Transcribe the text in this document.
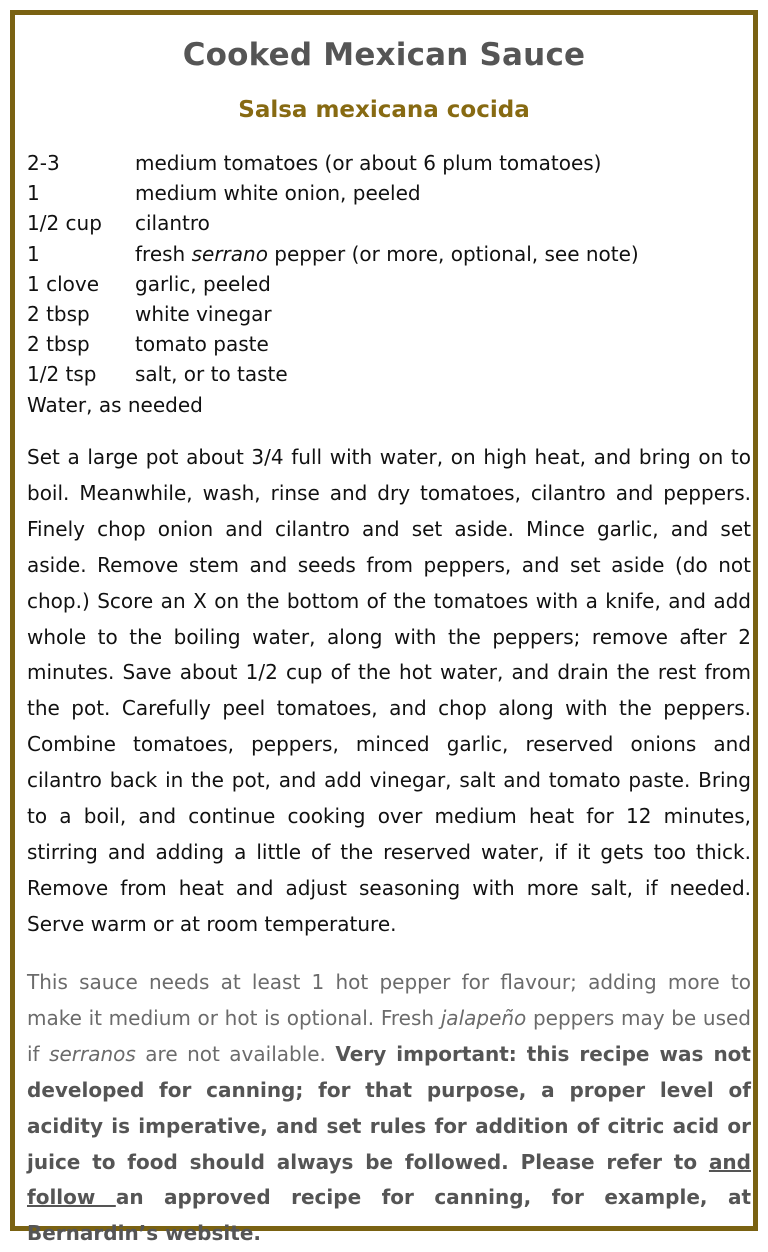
Cooked Mexican Sauce
Salsa mexicana cocida
2-3	medium tomatoes (or about 6 plum tomatoes)
1	medium white onion, peeled
1/2 cup	cilantro
1	fresh serrano pepper (or more, optional, see note)
1 clove	garlic, peeled
2 tbsp	white vinegar
2 tbsp	tomato paste
1/2 tsp	salt, or to taste
Water, as needed

Set a large pot about 3/4 full with water, on high heat, and bring on to boil. Meanwhile, wash, rinse and dry tomatoes, cilantro and peppers. Finely chop onion and cilantro and set aside. Mince garlic, and set aside. Remove stem and seeds from peppers, and set aside (do not chop.) Score an X on the bottom of the tomatoes with a knife, and add whole to the boiling water, along with the peppers; remove after 2 minutes. Save about 1/2 cup of the hot water, and drain the rest from the pot. Carefully peel tomatoes, and chop along with the peppers. Combine tomatoes, peppers, minced garlic, reserved onions and cilantro back in the pot, and add vinegar, salt and tomato paste. Bring to a boil, and continue cooking over medium heat for 12 minutes, stirring and adding a little of the reserved water, if it gets too thick. Remove from heat and adjust seasoning with more salt, if needed. Serve warm or at room temperature.

This sauce needs at least 1 hot pepper for flavour; adding more to make it medium or hot is optional. Fresh jalapeño peppers may be used if serranos are not available. Very important: this recipe was not developed for canning; for that purpose, a proper level of acidity is imperative, and set rules for addition of citric acid or juice to food should always be followed. Please refer to and follow an approved recipe for canning, for example, at Bernardin’s website.
